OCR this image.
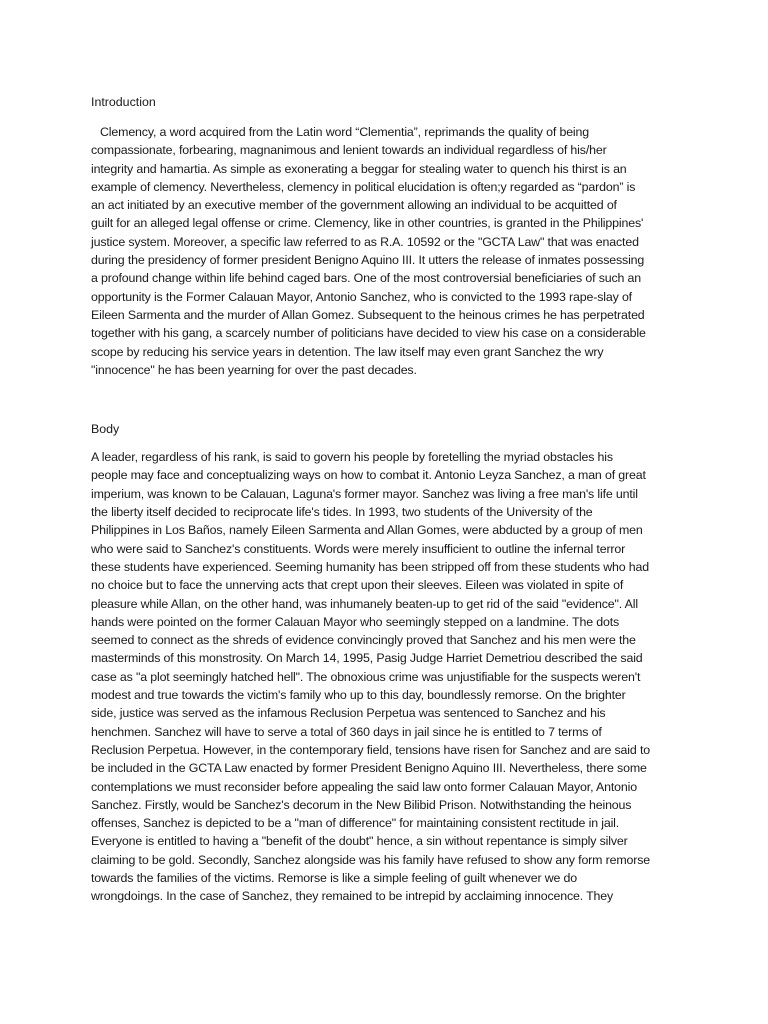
Introduction

Clemency, a word acquired from the Latin word “Clementia”, reprimands the quality of being
compassionate, forbearing, magnanimous and lenient towards an individual regardless of his/her
integrity and hamartia. As simple as exonerating a beggar for stealing water to quench his thirst is an
example of clemency. Nevertheless, clemency in political elucidation is often;y regarded as “pardon” is
an act initiated by an executive member of the government allowing an individual to be acquitted of
guilt for an alleged legal offense or crime. Clemency, like in other countries, is granted in the Philippines'
justice system. Moreover, a specific law referred to as R.A. 10592 or the "GCTA Law" that was enacted
during the presidency of former president Benigno Aquino III. It utters the release of inmates possessing
a profound change within life behind caged bars. One of the most controversial beneficiaries of such an
opportunity is the Former Calauan Mayor, Antonio Sanchez, who is convicted to the 1993 rape-slay of
Eileen Sarmenta and the murder of Allan Gomez. Subsequent to the heinous crimes he has perpetrated
together with his gang, a scarcely number of politicians have decided to view his case on a considerable
scope by reducing his service years in detention. The law itself may even grant Sanchez the wry
"innocence" he has been yearning for over the past decades.

Body

A leader, regardless of his rank, is said to govern his people by foretelling the myriad obstacles his
people may face and conceptualizing ways on how to combat it. Antonio Leyza Sanchez, a man of great
imperium, was known to be Calauan, Laguna's former mayor. Sanchez was living a free man's life until
the liberty itself decided to reciprocate life's tides. In 1993, two students of the University of the
Philippines in Los Baños, namely Eileen Sarmenta and Allan Gomes, were abducted by a group of men
who were said to Sanchez's constituents. Words were merely insufficient to outline the infernal terror
these students have experienced. Seeming humanity has been stripped off from these students who had
no choice but to face the unnerving acts that crept upon their sleeves. Eileen was violated in spite of
pleasure while Allan, on the other hand, was inhumanely beaten-up to get rid of the said "evidence". All
hands were pointed on the former Calauan Mayor who seemingly stepped on a landmine. The dots
seemed to connect as the shreds of evidence convincingly proved that Sanchez and his men were the
masterminds of this monstrosity. On March 14, 1995, Pasig Judge Harriet Demetriou described the said
case as "a plot seemingly hatched hell". The obnoxious crime was unjustifiable for the suspects weren't
modest and true towards the victim's family who up to this day, boundlessly remorse. On the brighter
side, justice was served as the infamous Reclusion Perpetua was sentenced to Sanchez and his
henchmen. Sanchez will have to serve a total of 360 days in jail since he is entitled to 7 terms of
Reclusion Perpetua. However, in the contemporary field, tensions have risen for Sanchez and are said to
be included in the GCTA Law enacted by former President Benigno Aquino III. Nevertheless, there some
contemplations we must reconsider before appealing the said law onto former Calauan Mayor, Antonio
Sanchez. Firstly, would be Sanchez's decorum in the New Bilibid Prison. Notwithstanding the heinous
offenses, Sanchez is depicted to be a "man of difference" for maintaining consistent rectitude in jail.
Everyone is entitled to having a "benefit of the doubt" hence, a sin without repentance is simply silver
claiming to be gold. Secondly, Sanchez alongside was his family have refused to show any form remorse
towards the families of the victims. Remorse is like a simple feeling of guilt whenever we do
wrongdoings. In the case of Sanchez, they remained to be intrepid by acclaiming innocence. They
